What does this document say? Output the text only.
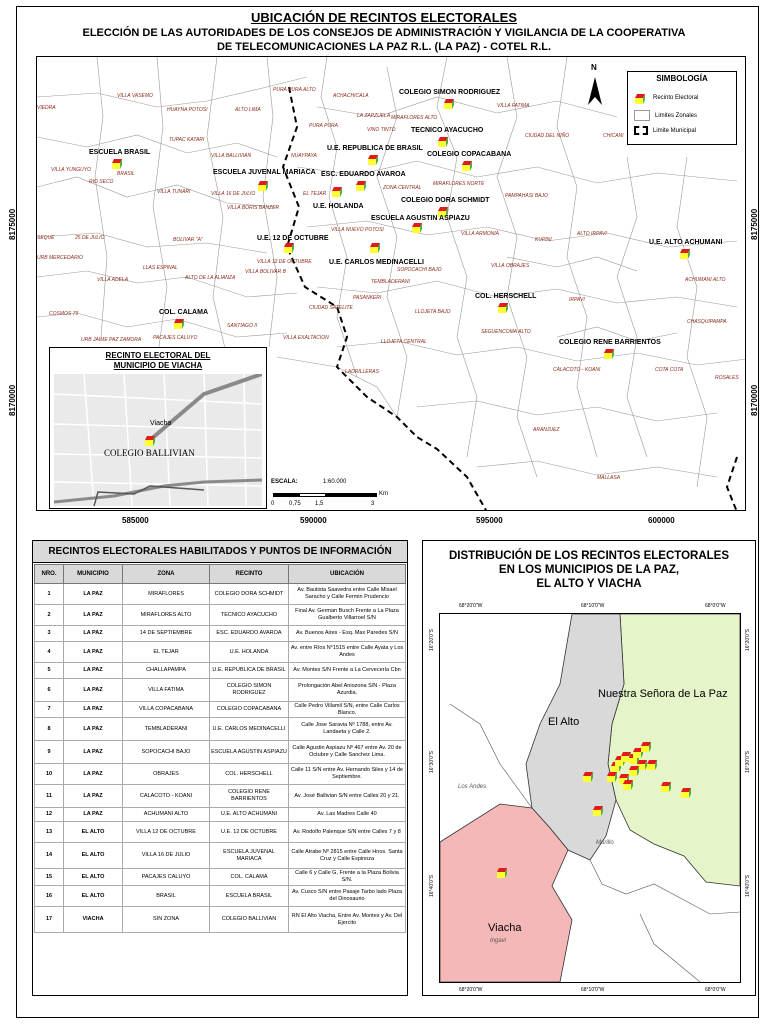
UBICACIÓN DE RECINTOS ELECTORALES
ELECCIÓN DE LAS AUTORIDADES DE LOS CONSEJOS DE ADMINISTRACIÓN Y VIGILANCIA DE LA COOPERATIVA
DE TELECOMUNICACIONES LA PAZ R.L. (LA PAZ) - COTEL R.L.
8175000
8170000
8175000
8170000
585000	590000	595000	600000
N
VILLA VASEMO
PURA PURA ALTO
ACHACHICALA
VILLA FATIMA
MIRAFLORES ALTO
CIUDAD DEL NIÑO	CHICANI
VIEDRA	HUAYNA POTOSI	ALTO LIMA
LA ZAPZUELA
VINO TINTO
TUPAC KATARI
PURA PURA
VILLA BALLIVIAN	NUAYPAYA
VILLA YUNGUYO
BRASIL
RIO SECO
VILLA TUNARI	VILLA 16 DE JULIO	EL TEJAR
VILLA BORIS BANZER
ZONA CENTRAL
MIRAFLORES NORTE
PAMPAHASI BAJO
VILLA NUEVO POTOSI
VILLA ARMONIA
25 DE JULIO	BOLIVAR "A"
SEQUE
URB MERCEDARIO
VILLA 12 DE OCTUBRE
KUPINI
ALTO IRPAVI
VILLA BOLIVAR B	SOPOCACHI BAJO
VILLA OBRAJES
ACHUMANI ALTO
LLAS ESPINAL
ALTO DE LA ALIANZA
TEMBLADERANI
VILLA ADELA
PASANKERI	IRPAVI
CHASQUIPAMPA
COSMOS 79
CIUDAD SATELITE
LLOJETA BAJO
SEGUENCOMA ALTO
URB JAIME PAZ ZAMORA PACAJES CALUYO
SANTIAGO II
VILLA EXALTACION
LLOJETA CENTRAL
CALACOTO - KOANI	COTA COTA
ROSALES
LADRILLERAS
ARANJUEZ
MALLASA
COLEGIO SIMON RODRIGUEZ
TECNICO AYACUCHO
COLEGIO COPACABANA
U.E. REPUBLICA DE BRASIL
ESCUELA BRASIL
ESCUELA JUVENAL MARIACA ESC. EDUARDO AVAROA
U.E. HOLANDA
COLEGIO DORA SCHMIDT
ESCUELA AGUSTIN ASPIAZU
U.E. 12 DE OCTUBRE
U.E. CARLOS MEDINACELLI
U.E. ALTO ACHUMANI
COL. HERSCHELL
COL. CALAMA
COLEGIO RENE BARRIENTOS
SIMBOLOGÍA
Recinto Electoral
Limites Zonales
Limite Municipal
RECINTO ELECTORAL DEL
MUNICIPIO DE VIACHA
Viacha
COLEGIO BALLIVIAN
ESCALA:	1:60.000
Km
0 0,75 1,5	3
RECINTOS ELECTORALES HABILITADOS Y PUNTOS DE INFORMACIÓN
NRO.	MUNICIPIO	ZONA	RECINTO	UBICACIÓN
1	LA PAZ	MIRAFLORES	COLEGIO DORA SCHMIDT	Av. Bautista Saavedra entre Calle Misael Saracho y Calle Fermin Prudencio
2	LA PAZ	MIRAFLORES ALTO	TECNICO AYACUCHO	Final Av. German Busch Frente a La Plaza Gualberto Villarroel S/N
3	LA PAZ	14 DE SEPTIEMBRE	ESC. EDUARDO AVAROA	Av. Buenos Aires - Esq. Max Paredes S/N
4	LA PAZ	EL TEJAR	U.E. HOLANDA	Av. entre Ríos N°1515 entre Calle Ayata y Los Andes
5	LA PAZ	CHALLAPAMPA	U.E. REPUBLICA DE BRASIL	Av. Montes S/N Frente a La Cervecería Cbn
6	LA PAZ	VILLA FATIMA	COLEGIO SIMON RODRIGUEZ	Prolongación Abel Aniozona S/N - Plaza Azurdia.
7	LA PAZ	VILLA COPACABANA	COLEGIO COPACABANA	Calle Pedro Villamil S/N, entre Calle Carlos Blanco.
8	LA PAZ	TEMBLADERANI	U.E. CARLOS MEDINACELLI	Calle Jose Saravia Nº 1788, entre Av. Landaeta y Calle 2.
9	LA PAZ	SOPOCACHI BAJO	ESCUELA AGUSTIN ASPIAZU	Calle Agustin Aspiazu Nº 467 entre Av. 20 de Octubre y Calle Sanchez Lima.
10	LA PAZ	OBRAJES	COL. HERSCHELL	Calle 11 S/N entre Av. Hernando Siles y 14 de Septiembre.
11	LA PAZ	CALACOTO - KOANI	COLEGIO RENE BARRIENTOS	Av. José Ballivian S/N entre Calles 20 y 21.
12	LA PAZ	ACHUMANI ALTO	U.E. ALTO ACHUMANI	Av. Las Madres Calle 40
13	EL ALTO	VILLA 12 DE OCTUBRE	U.E. 12 DE OCTUBRE	Av. Rodolfo Palenque S/N entre Calles 7 y 8
14	EL ALTO	VILLA 16 DE JULIO	ESCUELA JUVENAL MARIACA	Calle Atrabe Nº 2815 entre Calle Hnos. Santa Cruz y Calle Espinoza
15	EL ALTO	PACAJES CALUYO	COL. CALAMA	Calle 6 y Calle G, Frente a la Plaza Bolivia S/N.
16	EL ALTO	BRASIL	ESCUELA BRASIL	Av. Cusco S/N entre Pasaje Tarbo lado Plaza del Dinosaurio
17	VIACHA	SIN ZONA	COLEGIO BALLIVIAN	RN El Alto Viacha, Entre Av. Montes y Av. Del Ejercito
DISTRIBUCIÓN DE LOS RECINTOS ELECTORALES
EN LOS MUNICIPIOS DE LA PAZ,
EL ALTO Y VIACHA
68°20'0"W	68°10'0"W	68°0'0"W
68°20'0"W	68°10'0"W	68°0'0"W
16°20'0"S
16°30'0"S
16°40'0"S
16°20'0"S
16°30'0"S
16°40'0"S
Nuestra Señora de La Paz
El Alto
Viacha
Los Andes
Murillo
Ingavi
